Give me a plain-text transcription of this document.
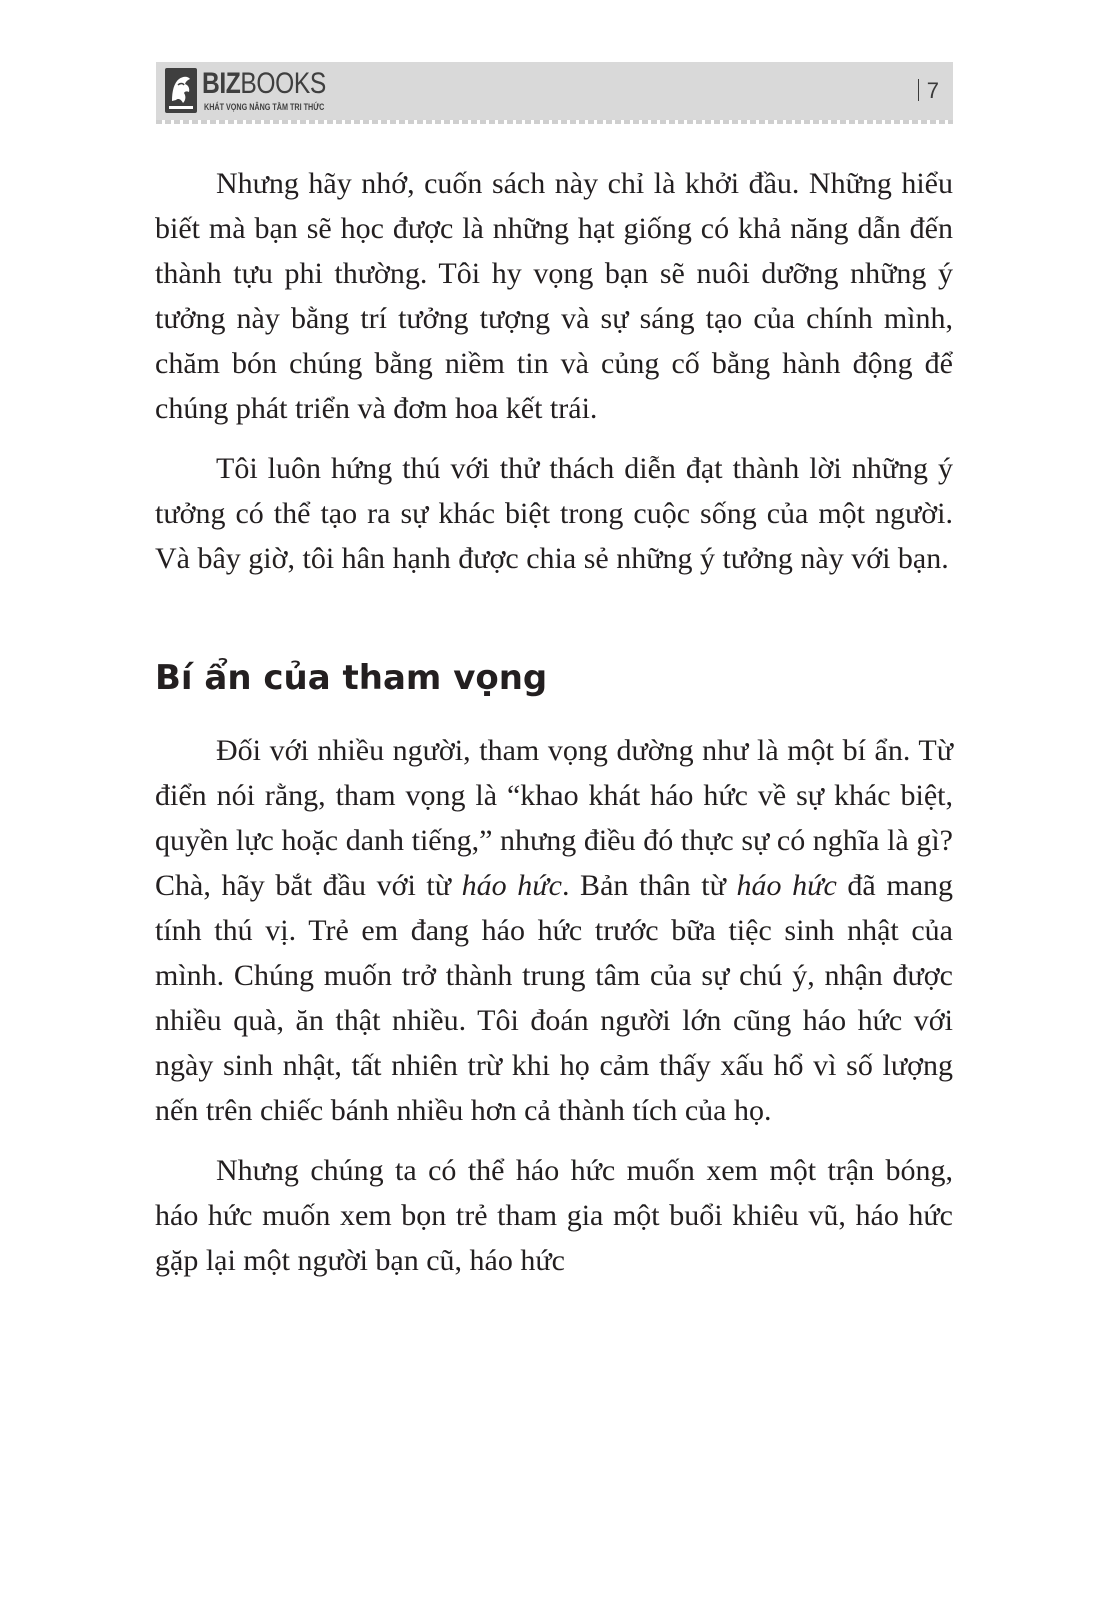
BIZBOOKS
KHÁT VỌNG NÂNG TẦM TRI THỨC
7

Nhưng hãy nhớ, cuốn sách này chỉ là khởi đầu. Những hiểu biết mà bạn sẽ học được là những hạt giống có khả năng dẫn đến thành tựu phi thường. Tôi hy vọng bạn sẽ nuôi dưỡng những ý tưởng này bằng trí tưởng tượng và sự sáng tạo của chính mình, chăm bón chúng bằng niềm tin và củng cố bằng hành động để chúng phát triển và đơm hoa kết trái.

Tôi luôn hứng thú với thử thách diễn đạt thành lời những ý tưởng có thể tạo ra sự khác biệt trong cuộc sống của một người. Và bây giờ, tôi hân hạnh được chia sẻ những ý tưởng này với bạn.

Bí ẩn của tham vọng

Đối với nhiều người, tham vọng dường như là một bí ẩn. Từ điển nói rằng, tham vọng là “khao khát háo hức về sự khác biệt, quyền lực hoặc danh tiếng,” nhưng điều đó thực sự có nghĩa là gì? Chà, hãy bắt đầu với từ háo hức. Bản thân từ háo hức đã mang tính thú vị. Trẻ em đang háo hức trước bữa tiệc sinh nhật của mình. Chúng muốn trở thành trung tâm của sự chú ý, nhận được nhiều quà, ăn thật nhiều. Tôi đoán người lớn cũng háo hức với ngày sinh nhật, tất nhiên trừ khi họ cảm thấy xấu hổ vì số lượng nến trên chiếc bánh nhiều hơn cả thành tích của họ.

Nhưng chúng ta có thể háo hức muốn xem một trận bóng, háo hức muốn xem bọn trẻ tham gia một buổi khiêu vũ, háo hức gặp lại một người bạn cũ, háo hức
